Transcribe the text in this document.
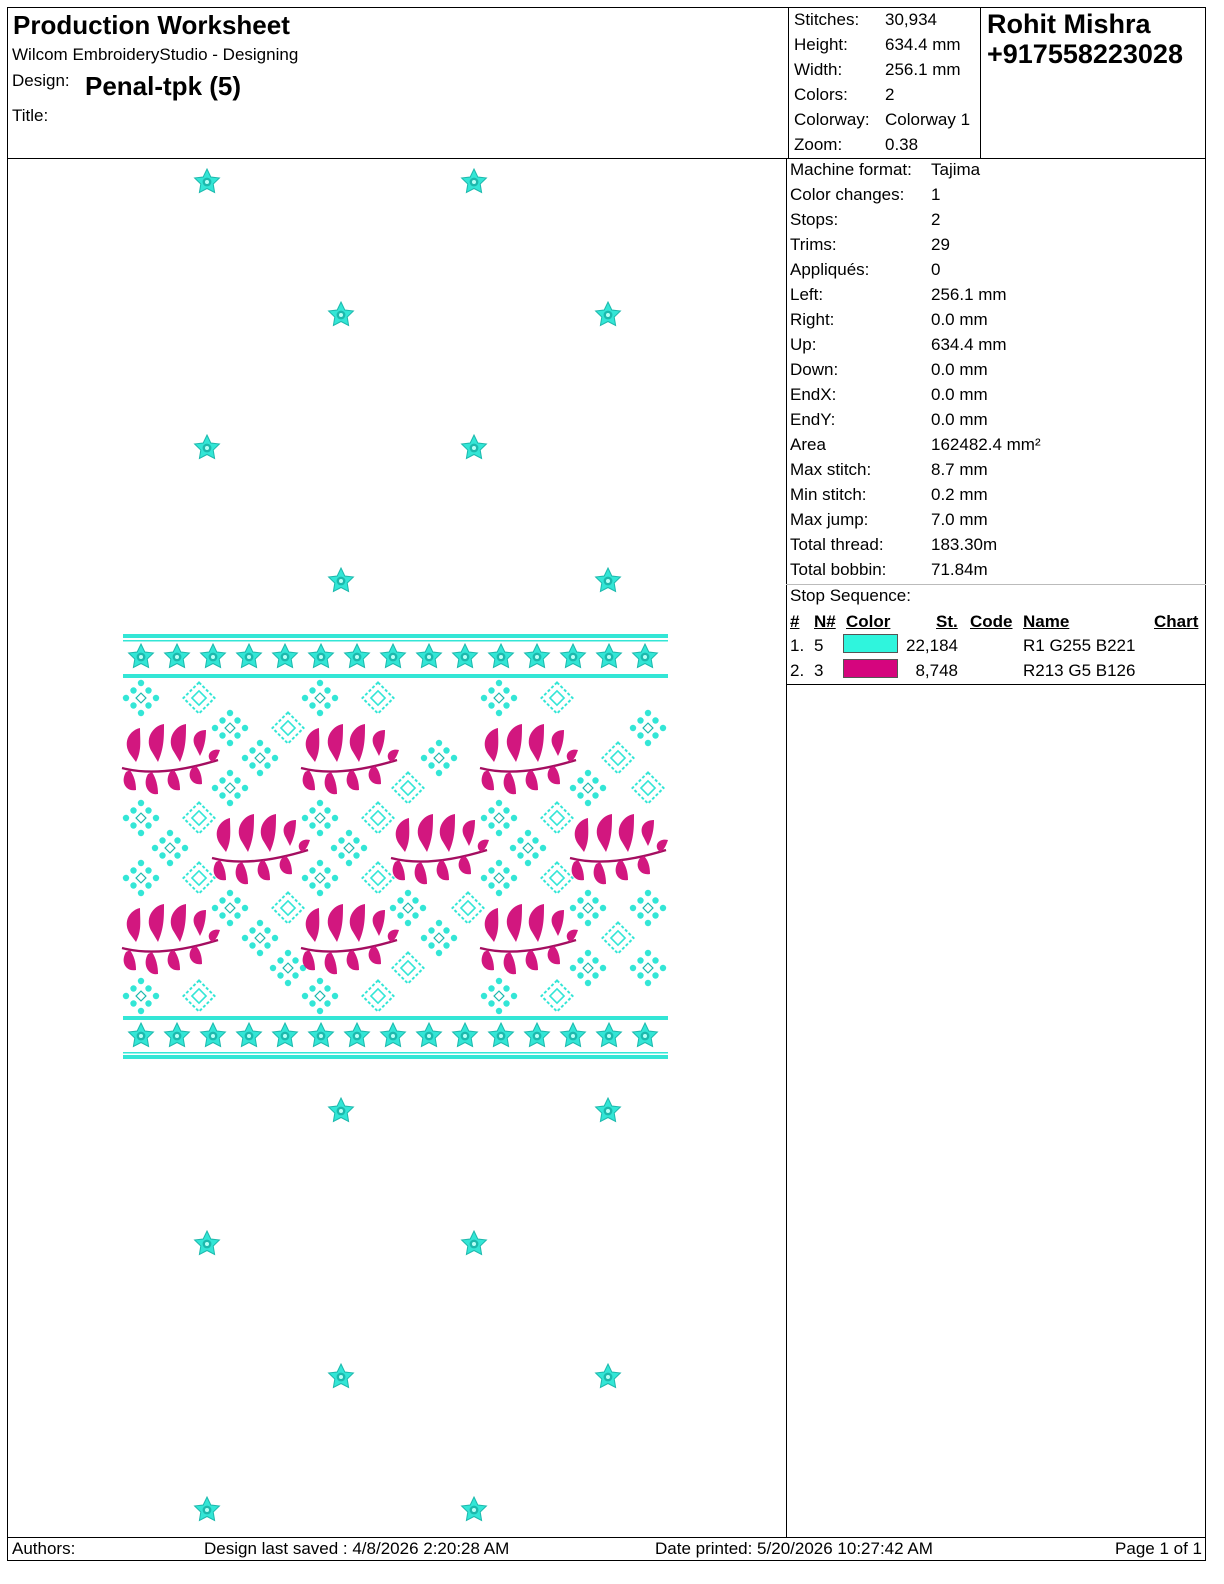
Production Worksheet
Wilcom EmbroideryStudio - Designing
Design: Penal-tpk (5)
Title:
Stitches: 30,934
Height: 634.4 mm
Width:	256.1 mm
Colors: 2
Colorway: Colorway 1
Zoom:	0.38
Rohit Mishra
+917558223028
Machine format: Tajima
Color changes: 1
Stops:	2
Trims:	29
Appliqués:	0
Left:	256.1 mm
Right:	0.0 mm
Up:	634.4 mm
Down:	0.0 mm
EndX:	0.0 mm
EndY:	0.0 mm
Area	162482.4 mm²
Max stitch:	8.7 mm
Min stitch:	0.2 mm
Max jump:	7.0 mm
Total thread:	183.30m
Total bobbin:	71.84m
Stop Sequence:
# N# Color	St. Code Name	Chart
1. 5	22,184	R1 G255 B221
2. 3	8,748	R213 G5 B126
Authors:	Design last saved : 4/8/2026 2:20:28 AM	Date printed: 5/20/2026 10:27:42 AM	Page 1 of 1
